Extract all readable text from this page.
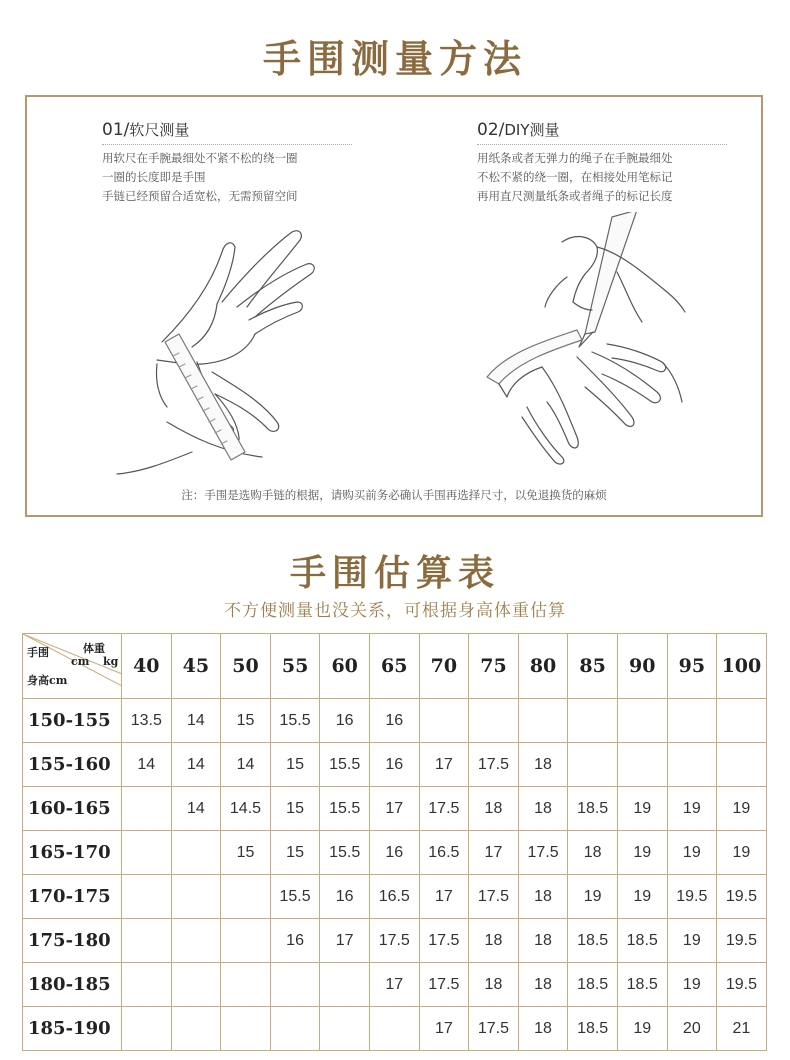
手围测量方法
01/软尺测量
用软尺在手腕最细处不紧不松的绕一圈
一圈的长度即是手围
手链已经预留合适宽松，无需预留空间
02/DIY测量
用纸条或者无弹力的绳子在手腕最细处
不松不紧的绕一圈，在相接处用笔标记
再用直尺测量纸条或者绳子的标记长度
注：手围是选购手链的根据，请购买前务必确认手围再选择尺寸，以免退换货的麻烦
手围估算表
不方便测量也没关系，可根据身高体重估算
手围 体重
kg
cm
身高cm	40	45	50	55	60	65	70	75	80	85	90	95	100
150-155	13.5	14	15	15.5	16	16							
155-160	14	14	14	15	15.5	16	17	17.5	18				
160-165		14	14.5	15	15.5	17	17.5	18	18	18.5	19	19	19
165-170			15	15	15.5	16	16.5	17	17.5	18	19	19	19
170-175				15.5	16	16.5	17	17.5	18	19	19	19.5	19.5
175-180				16	17	17.5	17.5	18	18	18.5	18.5	19	19.5
180-185						17	17.5	18	18	18.5	18.5	19	19.5
185-190							17	17.5	18	18.5	19	20	21
